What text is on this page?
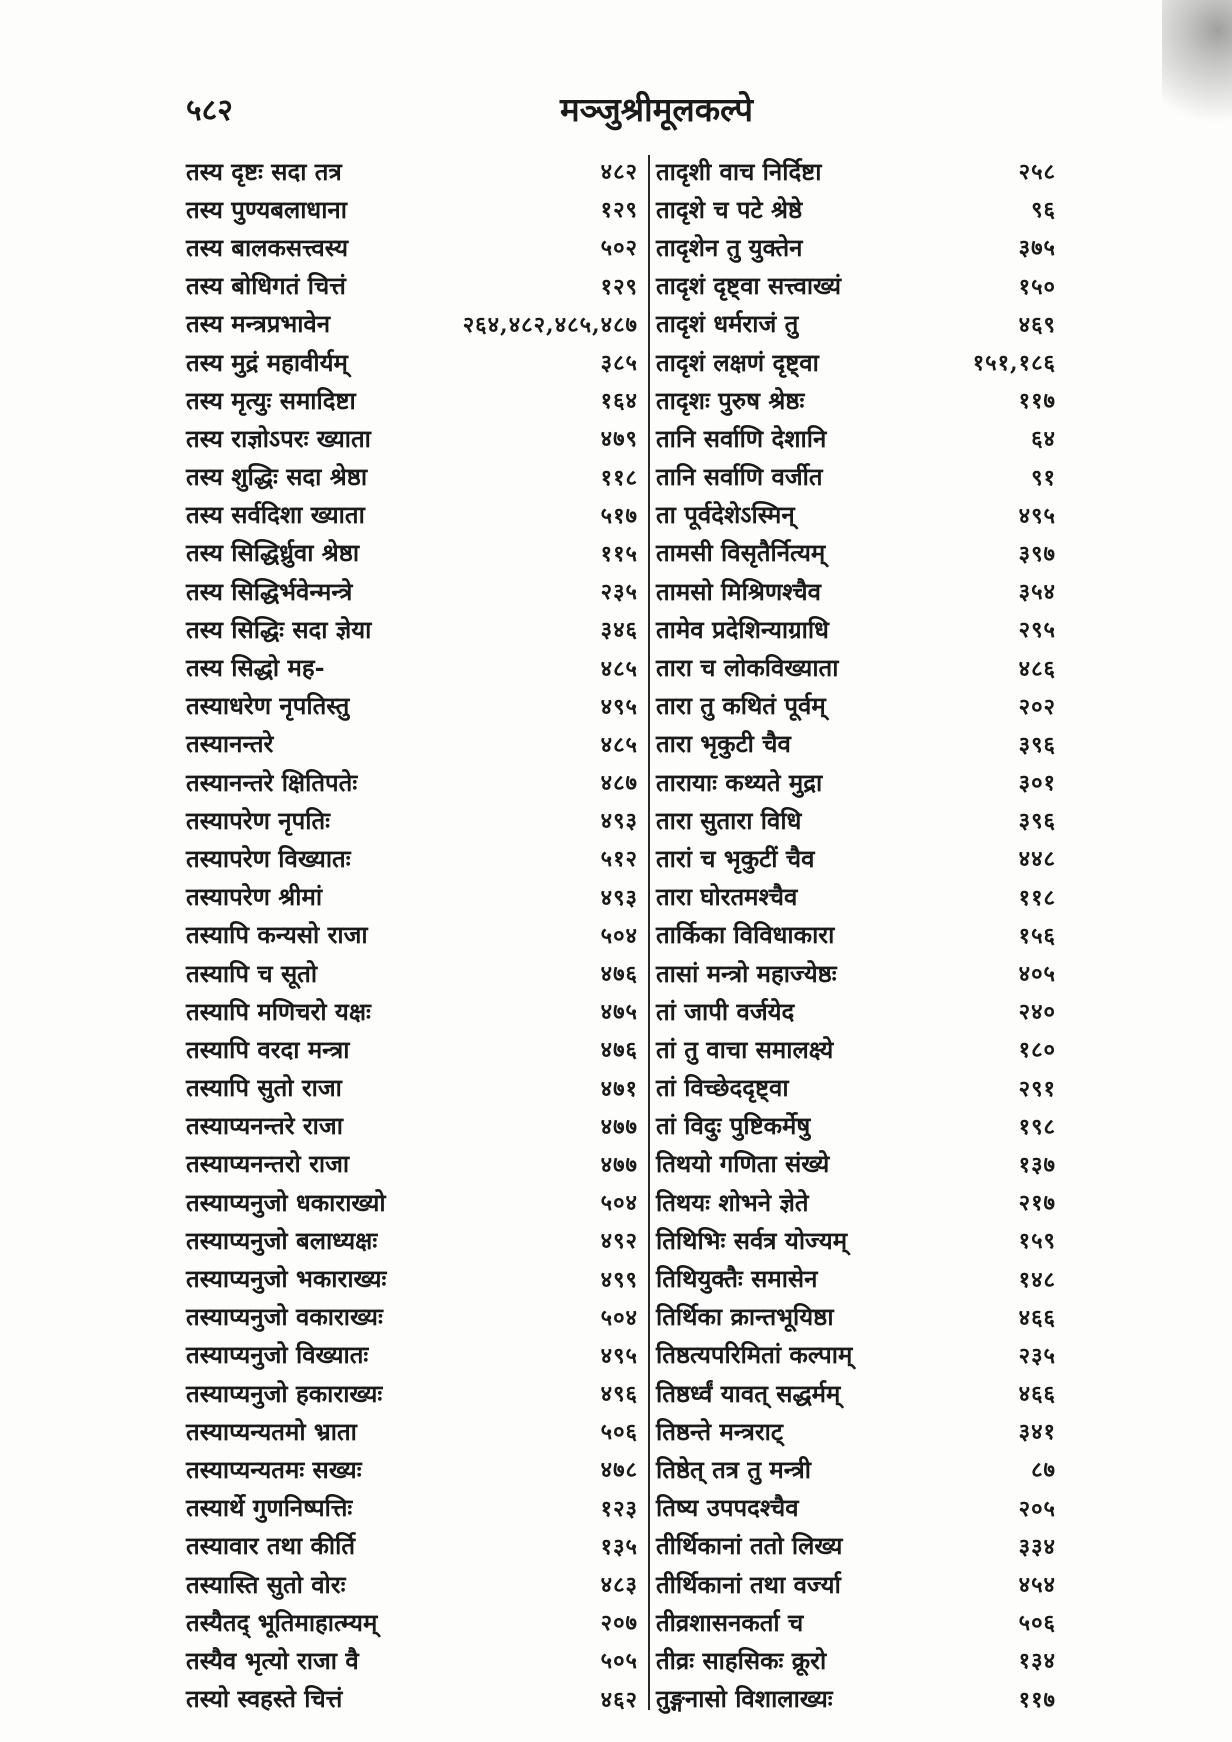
५८२	मञ्जुश्रीमूलकल्पे
तस्य दृष्टः सदा तत्र	४८२
तस्य पुण्यबलाधाना	१२९
तस्य बालकसत्त्वस्य	५०२
तस्य बोधिगतं चित्तं	१२९
तस्य मन्त्रप्रभावेन	२६४,४८२,४८५,४८७
तस्य मुद्रं महावीर्यम्	३८५
तस्य मृत्युः समादिष्टा	१६४
तस्य राज्ञोऽपरः ख्याता	४७९
तस्य शुद्धिः सदा श्रेष्ठा	११८
तस्य सर्वदिशा ख्याता	५१७
तस्य सिद्धिर्ध्रुवा श्रेष्ठा	११५
तस्य सिद्धिर्भवेन्मन्त्रे	२३५
तस्य सिद्धिः सदा ज्ञेया	३४६
तस्य सिद्धो मह-	४८५
तस्याधरेण नृपतिस्तु	४९५
तस्यानन्तरे	४८५
तस्यानन्तरे क्षितिपतेः	४८७
तस्यापरेण नृपतिः	४९३
तस्यापरेण विख्यातः	५१२
तस्यापरेण श्रीमां	४९३
तस्यापि कन्यसो राजा	५०४
तस्यापि च सूतो	४७६
तस्यापि मणिचरो यक्षः	४७५
तस्यापि वरदा मन्त्रा	४७६
तस्यापि सुतो राजा	४७१
तस्याप्यनन्तरे राजा	४७७
तस्याप्यनन्तरो राजा	४७७
तस्याप्यनुजो धकाराख्यो	५०४
तस्याप्यनुजो बलाध्यक्षः	४९२
तस्याप्यनुजो भकाराख्यः	४९९
तस्याप्यनुजो वकाराख्यः	५०४
तस्याप्यनुजो विख्यातः	४९५
तस्याप्यनुजो हकाराख्यः	४९६
तस्याप्यन्यतमो भ्राता	५०६
तस्याप्यन्यतमः सख्यः	४७८
तस्यार्थे गुणनिष्पत्तिः	१२३
तस्यावार तथा कीर्ति	१३५
तस्यास्ति सुतो वोरः	४८३
तस्यैतद् भूतिमाहात्म्यम्	२०७
तस्यैव भृत्यो राजा वै	५०५
तस्यो स्वहस्ते चित्तं	४६२
तादृशी वाच निर्दिष्टा	२५८
तादृशे च पटे श्रेष्ठे	९६
तादृशेन तु युक्तेन	३७५
तादृशं दृष्ट्वा सत्त्वाख्यं	१५०
तादृशं धर्मराजं तु	४६९
तादृशं लक्षणं दृष्ट्वा	१५१,१८६
तादृशः पुरुष श्रेष्ठः	११७
तानि सर्वाणि देशानि	६४
तानि सर्वाणि वर्जीत	९१
ता पूर्वदेशेऽस्मिन्	४९५
तामसी विसृतैर्नित्यम्	३९७
तामसो मिश्रिणश्चैव	३५४
तामेव प्रदेशिन्याग्राधि	२९५
तारा च लोकविख्याता	४८६
तारा तु कथितं पूर्वम्	२०२
तारा भृकुटी चैव	३९६
तारायाः कथ्यते मुद्रा	३०१
तारा सुतारा विधि	३९६
तारां च भृकुटीं चैव	४४८
तारा घोरतमश्चैव	११८
तार्किका विविधाकारा	१५६
तासां मन्त्रो महाज्येष्ठः	४०५
तां जापी वर्जयेद	२४०
तां तु वाचा समालक्ष्ये	१८०
तां विच्छेददृष्ट्वा	२९१
तां विदुः पुष्टिकर्मेषु	१९८
तिथयो गणिता संख्ये	१३७
तिथयः शोभने ज्ञेते	२१७
तिथिभिः सर्वत्र योज्यम्	१५९
तिथियुक्तैः समासेन	१४८
तिर्थिका क्रान्तभूयिष्ठा	४६६
तिष्ठत्यपरिमितां कल्पाम्	२३५
तिष्ठर्ध्वं यावत् सद्धर्मम्	४६६
तिष्ठन्ते मन्त्रराट्	३४१
तिष्ठेत् तत्र तु मन्त्री	८७
तिष्य उपपदश्चैव	२०५
तीर्थिकानां ततो लिख्य	३३४
तीर्थिकानां तथा वर्ज्या	४५४
तीव्रशासनकर्ता च	५०६
तीव्रः साहसिकः क्रूरो	१३४
तुङ्गनासो विशालाख्यः	११७
